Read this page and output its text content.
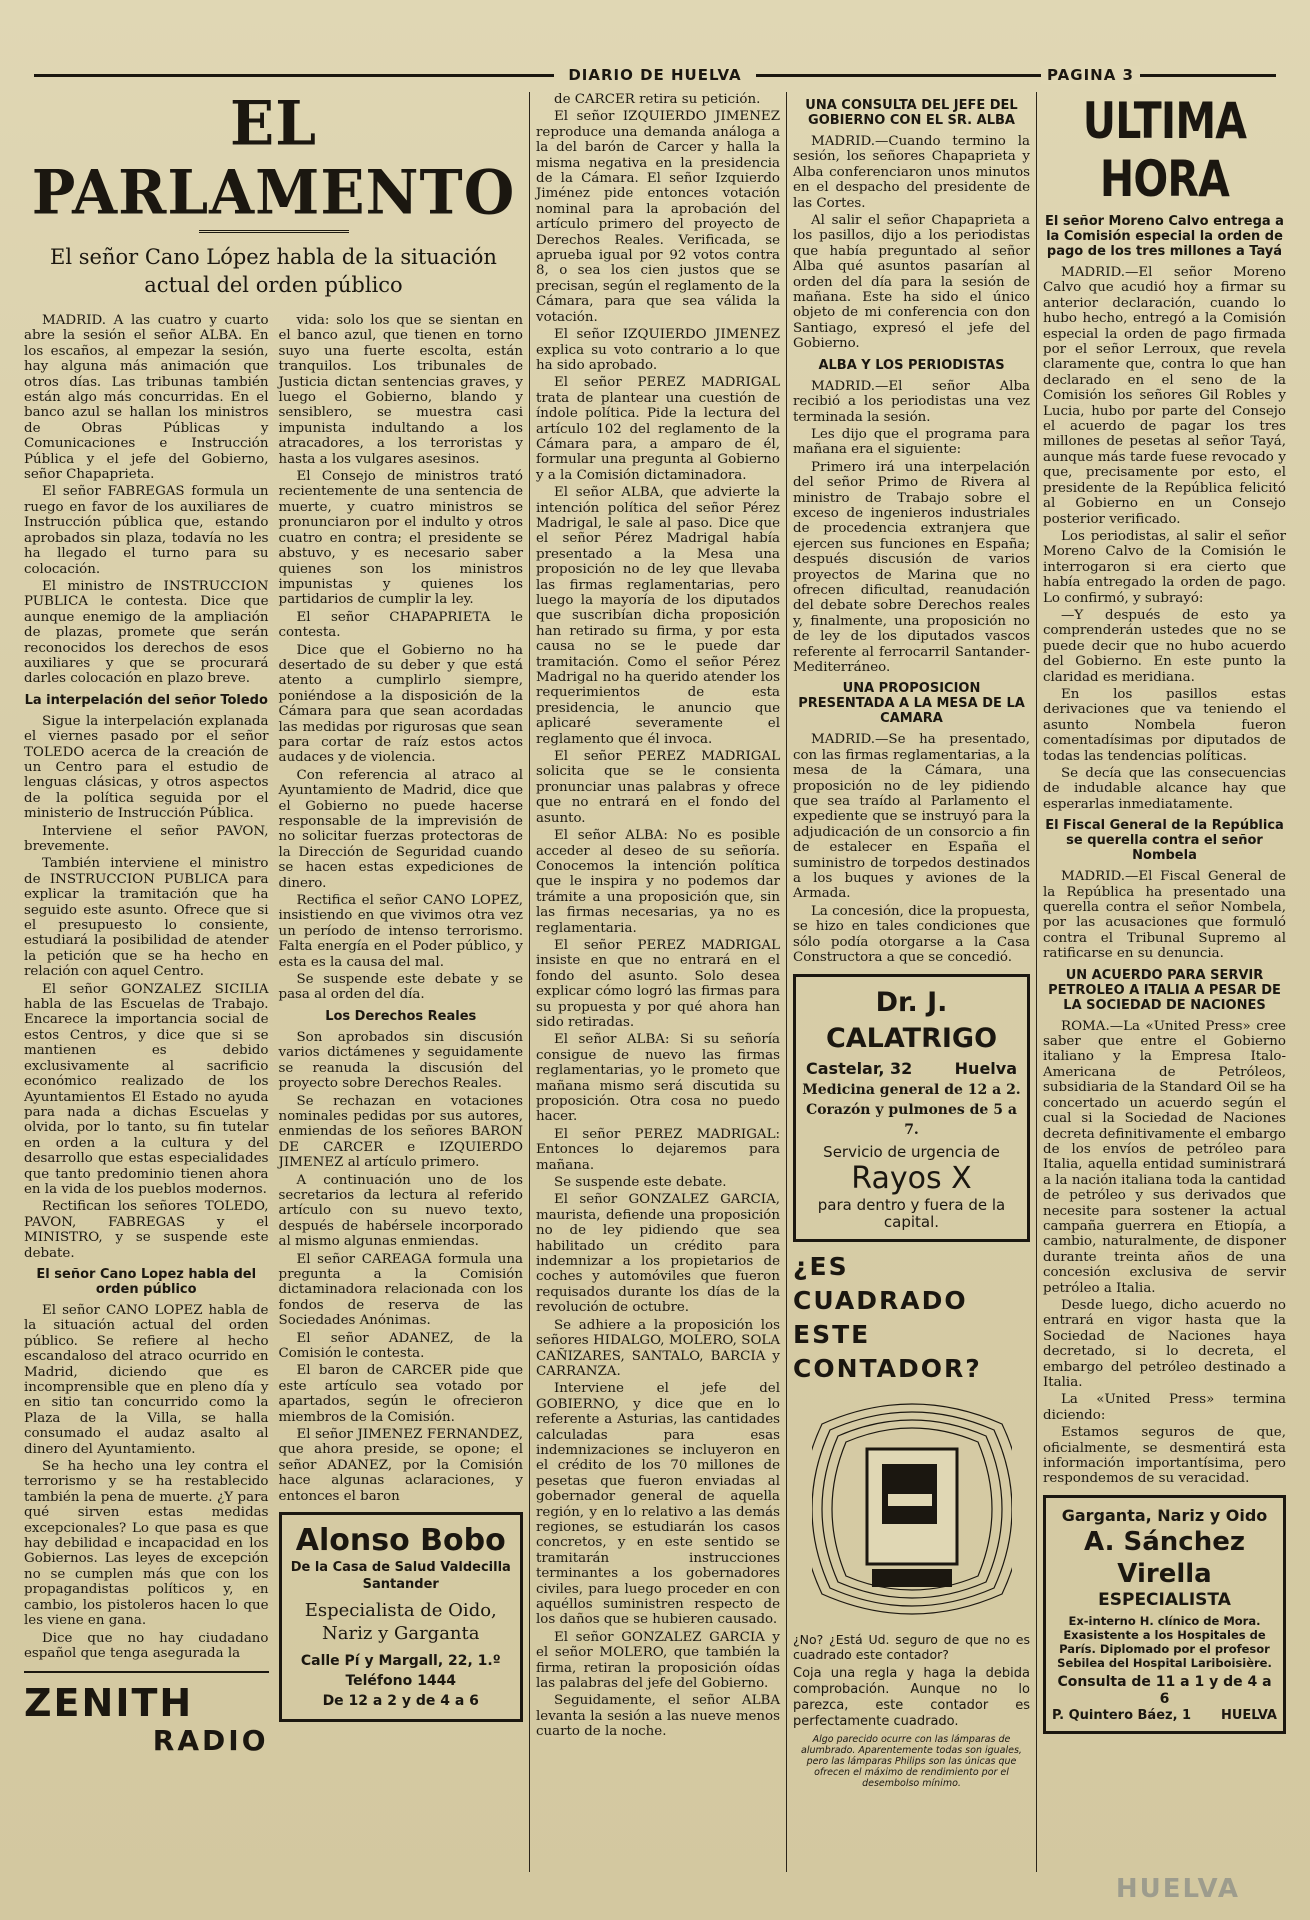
DIARIO DE HUELVA	PAGINA 3
EL PARLAMENTO
El señor Cano López habla de la situación actual del orden público

MADRID. A las cuatro y cuarto abre la sesión el señor ALBA. En los escaños, al empezar la sesión, hay alguna más animación que otros días. Las tribunas también están algo más concurridas. En el banco azul se hallan los ministros de Obras Públicas y Comunicaciones e Instrucción Pública y el jefe del Gobierno, señor Chapaprieta.

El señor FABREGAS formula un ruego en favor de los auxiliares de Instrucción pública que, estando aprobados sin plaza, todavía no les ha llegado el turno para su colocación.

El ministro de INSTRUCCION PUBLICA le contesta. Dice que aunque enemigo de la ampliación de plazas, promete que serán reconocidos los derechos de esos auxiliares y que se procurará darles colocación en plazo breve.

La interpelación del señor Toledo

Sigue la interpelación explanada el viernes pasado por el señor TOLEDO acerca de la creación de un Centro para el estudio de lenguas clásicas, y otros aspectos de la política seguida por el ministerio de Instrucción Pública.

Interviene el señor PAVON, brevemente.

También interviene el ministro de INSTRUCCION PUBLICA para explicar la tramitación que ha seguido este asunto. Ofrece que si el presupuesto lo consiente, estudiará la posibilidad de atender la petición que se ha hecho en relación con aquel Centro.

El señor GONZALEZ SICILIA habla de las Escuelas de Trabajo. Encarece la importancia social de estos Centros, y dice que si se mantienen es debido exclusivamente al sacrificio económico realizado de los Ayuntamientos El Estado no ayuda para nada a dichas Escuelas y olvida, por lo tanto, su fin tutelar en orden a la cultura y del desarrollo que estas especialidades que tanto predominio tienen ahora en la vida de los pueblos modernos.

Rectifican los señores TOLEDO, PAVON, FABREGAS y el MINISTRO, y se suspende este debate.

El señor Cano Lopez habla del orden público

El señor CANO LOPEZ habla de la situación actual del orden público. Se refiere al hecho escandaloso del atraco ocurrido en Madrid, diciendo que es incomprensible que en pleno día y en sitio tan concurrido como la Plaza de la Villa, se halla consumado el audaz asalto al dinero del Ayuntamiento.

Se ha hecho una ley contra el terrorismo y se ha restablecido también la pena de muerte. ¿Y para qué sirven estas medidas excepcionales? Lo que pasa es que hay debilidad e incapacidad en los Gobiernos. Las leyes de excepción no se cumplen más que con los propagandistas políticos y, en cambio, los pistoleros hacen lo que les viene en gana.

Dice que no hay ciudadano español que tenga asegurada la

ZENITH
RADIO

vida: solo los que se sientan en el banco azul, que tienen en torno suyo una fuerte escolta, están tranquilos. Los tribunales de Justicia dictan sentencias graves, y luego el Gobierno, blando y sensiblero, se muestra casi impunista indultando a los atracadores, a los terroristas y hasta a los vulgares asesinos.

El Consejo de ministros trató recientemente de una sentencia de muerte, y cuatro ministros se pronunciaron por el indulto y otros cuatro en contra; el presidente se abstuvo, y es necesario saber quienes son los ministros impunistas y quienes los partidarios de cumplir la ley.

El señor CHAPAPRIETA le contesta.

Dice que el Gobierno no ha desertado de su deber y que está atento a cumplirlo siempre, poniéndose a la disposición de la Cámara para que sean acordadas las medidas por rigurosas que sean para cortar de raíz estos actos audaces y de violencia.

Con referencia al atraco al Ayuntamiento de Madrid, dice que el Gobierno no puede hacerse responsable de la imprevisión de no solicitar fuerzas protectoras de la Dirección de Seguridad cuando se hacen estas expediciones de dinero.

Rectifica el señor CANO LOPEZ, insistiendo en que vivimos otra vez un período de intenso terrorismo. Falta energía en el Poder público, y esta es la causa del mal.

Se suspende este debate y se pasa al orden del día.

Los Derechos Reales

Son aprobados sin discusión varios dictámenes y seguidamente se reanuda la discusión del proyecto sobre Derechos Reales.

Se rechazan en votaciones nominales pedidas por sus autores, enmiendas de los señores BARON DE CARCER e IZQUIERDO JIMENEZ al artículo primero.

A continuación uno de los secretarios da lectura al referido artículo con su nuevo texto, después de habérsele incorporado al mismo algunas enmiendas.

El señor CAREAGA formula una pregunta a la Comisión dictaminadora relacionada con los fondos de reserva de las Sociedades Anónimas.

El señor ADANEZ, de la Comisión le contesta.

El baron de CARCER pide que este artículo sea votado por apartados, según le ofrecieron miembros de la Comisión.

El señor JIMENEZ FERNANDEZ, que ahora preside, se opone; el señor ADANEZ, por la Comisión hace algunas aclaraciones, y entonces el baron

Alonso Bobo
De la Casa de Salud Valdecilla Santander
Especialista de Oido, Nariz y Garganta
Calle Pí y Margall, 22, 1.º
Teléfono 1444
De 12 a 2 y de 4 a 6

de CARCER retira su petición.

El señor IZQUIERDO JIMENEZ reproduce una demanda análoga a la del barón de Carcer y halla la misma negativa en la presidencia de la Cámara. El señor Izquierdo Jiménez pide entonces votación nominal para la aprobación del artículo primero del proyecto de Derechos Reales. Verificada, se aprueba igual por 92 votos contra 8, o sea los cien justos que se precisan, según el reglamento de la Cámara, para que sea válida la votación.

El señor IZQUIERDO JIMENEZ explica su voto contrario a lo que ha sido aprobado.

El señor PEREZ MADRIGAL trata de plantear una cuestión de índole política. Pide la lectura del artículo 102 del reglamento de la Cámara para, a amparo de él, formular una pregunta al Gobierno y a la Comisión dictaminadora.

El señor ALBA, que advierte la intención política del señor Pérez Madrigal, le sale al paso. Dice que el señor Pérez Madrigal había presentado a la Mesa una proposición no de ley que llevaba las firmas reglamentarias, pero luego la mayoría de los diputados que suscribían dicha proposición han retirado su firma, y por esta causa no se le puede dar tramitación. Como el señor Pérez Madrigal no ha querido atender los requerimientos de esta presidencia, le anuncio que aplicaré severamente el reglamento que él invoca.

El señor PEREZ MADRIGAL solicita que se le consienta pronunciar unas palabras y ofrece que no entrará en el fondo del asunto.

El señor ALBA: No es posible acceder al deseo de su señoría. Conocemos la intención política que le inspira y no podemos dar trámite a una proposición que, sin las firmas necesarias, ya no es reglamentaria.

El señor PEREZ MADRIGAL insiste en que no entrará en el fondo del asunto. Solo desea explicar cómo logró las firmas para su propuesta y por qué ahora han sido retiradas.

El señor ALBA: Si su señoría consigue de nuevo las firmas reglamentarias, yo le prometo que mañana mismo será discutida su proposición. Otra cosa no puedo hacer.

El señor PEREZ MADRIGAL: Entonces lo dejaremos para mañana.

Se suspende este debate.

El señor GONZALEZ GARCIA, maurista, defiende una proposición no de ley pidiendo que sea habilitado un crédito para indemnizar a los propietarios de coches y automóviles que fueron requisados durante los días de la revolución de octubre.

Se adhiere a la proposición los señores HIDALGO, MOLERO, SOLA CAÑIZARES, SANTALO, BARCIA y CARRANZA.

Interviene el jefe del GOBIERNO, y dice que en lo referente a Asturias, las cantidades calculadas para esas indemnizaciones se incluyeron en el crédito de los 70 millones de pesetas que fueron enviadas al gobernador general de aquella región, y en lo relativo a las demás regiones, se estudiarán los casos concretos, y en este sentido se tramitarán instrucciones terminantes a los gobernadores civiles, para luego proceder en con aquéllos suministren respecto de los daños que se hubieren causado.

El señor GONZALEZ GARCIA y el señor MOLERO, que también la firma, retiran la proposición oídas las palabras del jefe del Gobierno.

Seguidamente, el señor ALBA levanta la sesión a las nueve menos cuarto de la noche.

UNA CONSULTA DEL JEFE DEL GOBIERNO CON EL SR. ALBA

MADRID.—Cuando termino la sesión, los señores Chapaprieta y Alba conferenciaron unos minutos en el despacho del presidente de las Cortes.

Al salir el señor Chapaprieta a los pasillos, dijo a los periodistas que había preguntado al señor Alba qué asuntos pasarían al orden del día para la sesión de mañana. Este ha sido el único objeto de mi conferencia con don Santiago, expresó el jefe del Gobierno.

ALBA Y LOS PERIODISTAS

MADRID.—El señor Alba recibió a los periodistas una vez terminada la sesión.

Les dijo que el programa para mañana era el siguiente:

Primero irá una interpelación del señor Primo de Rivera al ministro de Trabajo sobre el exceso de ingenieros industriales de procedencia extranjera que ejercen sus funciones en España; después discusión de varios proyectos de Marina que no ofrecen dificultad, reanudación del debate sobre Derechos reales y, finalmente, una proposición no de ley de los diputados vascos referente al ferrocarril Santander-Mediterráneo.

UNA PROPOSICION PRESENTADA A LA MESA DE LA CAMARA

MADRID.—Se ha presentado, con las firmas reglamentarias, a la mesa de la Cámara, una proposición no de ley pidiendo que sea traído al Parlamento el expediente que se instruyó para la adjudicación de un consorcio a fin de estalecer en España el suministro de torpedos destinados a los buques y aviones de la Armada.

La concesión, dice la propuesta, se hizo en tales condiciones que sólo podía otorgarse a la Casa Constructora a que se concedió.

Dr. J. CALATRIGO
Castelar, 32	Huelva
Medicina general de 12 a 2.
Corazón y pulmones de 5 a 7.
Servicio de urgencia de
Rayos X
para dentro y fuera de la capital.
¿ES CUADRADO
ESTE CONTADOR?
¿No? ¿Está Ud. seguro de que no es cuadrado este contador?
Coja una regla y haga la debida comprobación. Aunque no lo parezca, este contador es perfectamente cuadrado.
Algo parecido ocurre con las lámparas de alumbrado. Aparentemente todas son iguales, pero las lámparas Philips son las únicas que ofrecen el máximo de rendimiento por el desembolso mínimo.
ULTIMA HORA
El señor Moreno Calvo entrega a la Comisión especial la orden de pago de los tres millones a Tayá

MADRID.—El señor Moreno Calvo que acudió hoy a firmar su anterior declaración, cuando lo hubo hecho, entregó a la Comisión especial la orden de pago firmada por el señor Lerroux, que revela claramente que, contra lo que han declarado en el seno de la Comisión los señores Gil Robles y Lucia, hubo por parte del Consejo el acuerdo de pagar los tres millones de pesetas al señor Tayá, aunque más tarde fuese revocado y que, precisamente por esto, el presidente de la República felicitó al Gobierno en un Consejo posterior verificado.

Los periodistas, al salir el señor Moreno Calvo de la Comisión le interrogaron si era cierto que había entregado la orden de pago. Lo confirmó, y subrayó:

—Y después de esto ya comprenderán ustedes que no se puede decir que no hubo acuerdo del Gobierno. En este punto la claridad es meridiana.

En los pasillos estas derivaciones que va teniendo el asunto Nombela fueron comentadísimas por diputados de todas las tendencias políticas.

Se decía que las consecuencias de indudable alcance hay que esperarlas inmediatamente.

El Fiscal General de la República se querella contra el señor Nombela

MADRID.—El Fiscal General de la República ha presentado una querella contra el señor Nombela, por las acusaciones que formuló contra el Tribunal Supremo al ratificarse en su denuncia.

UN ACUERDO PARA SERVIR PETROLEO A ITALIA A PESAR DE LA SOCIEDAD DE NACIONES

ROMA.—La «United Press» cree saber que entre el Gobierno italiano y la Empresa Italo-Americana de Petróleos, subsidiaria de la Standard Oil se ha concertado un acuerdo según el cual si la Sociedad de Naciones decreta definitivamente el embargo de los envíos de petróleo para Italia, aquella entidad suministrará a la nación italiana toda la cantidad de petróleo y sus derivados que necesite para sostener la actual campaña guerrera en Etiopía, a cambio, naturalmente, de disponer durante treinta años de una concesión exclusiva de servir petróleo a Italia.

Desde luego, dicho acuerdo no entrará en vigor hasta que la Sociedad de Naciones haya decretado, si lo decreta, el embargo del petróleo destinado a Italia.

La «United Press» termina diciendo:

Estamos seguros de que, oficialmente, se desmentirá esta información importantísima, pero respondemos de su veracidad.

Garganta, Nariz y Oido
A. Sánchez Virella
ESPECIALISTA
Ex-interno H. clínico de Mora. Exasistente a los Hospitales de París. Diplomado por el profesor Sebilea del Hospital Lariboisière.
Consulta de 11 a 1 y de 4 a 6
P. Quintero Báez, 1 HUELVA
HUELVA
